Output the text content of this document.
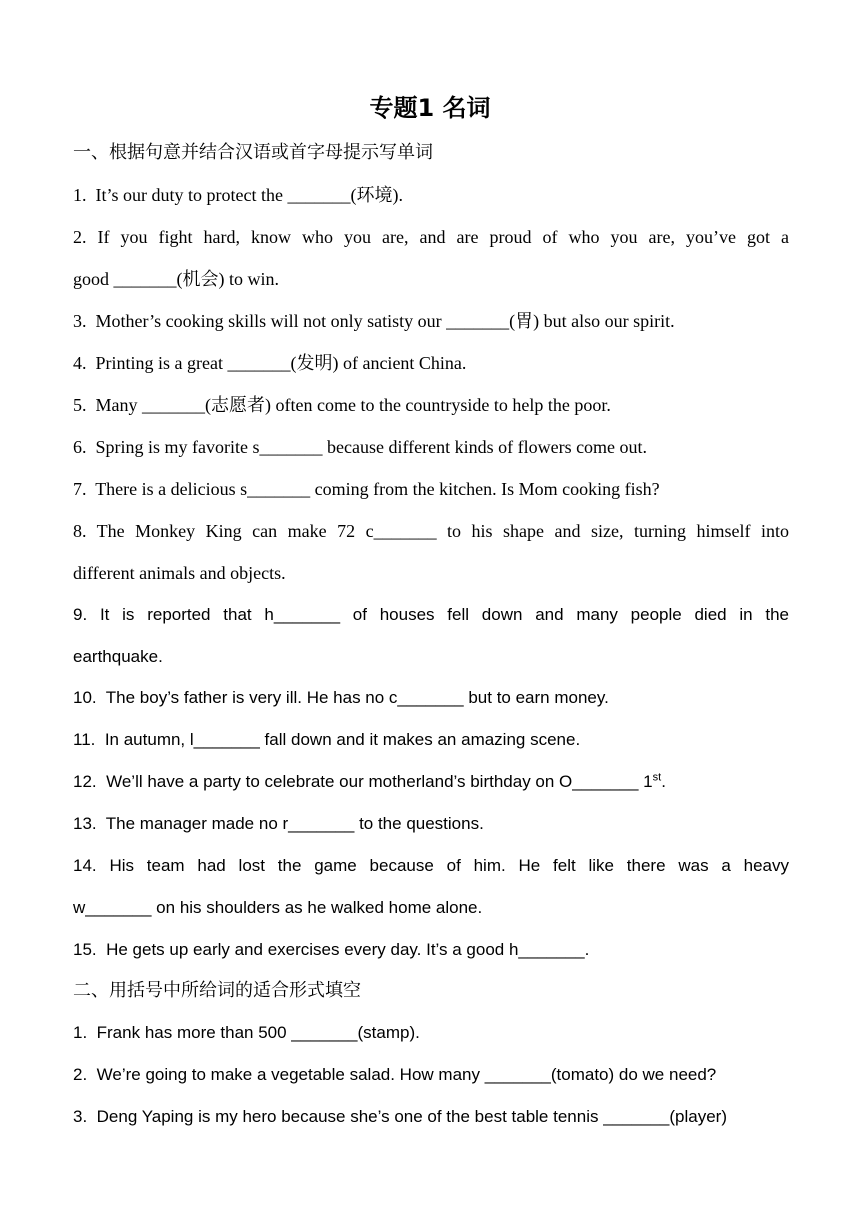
专题1 名词
一、根据句意并结合汉语或首字母提示写单词
1. It’s our duty to protect the _______(环境).
2. If you fight hard, know who you are, and are proud of who you are, you’ve got a
good _______(机会) to win.
3. Mother’s cooking skills will not only satisty our _______(胃) but also our spirit.
4. Printing is a great _______(发明) of ancient China.
5. Many _______(志愿者) often come to the countryside to help the poor.
6. Spring is my favorite s_______ because different kinds of flowers come out.
7. There is a delicious s_______ coming from the kitchen. Is Mom cooking fish?
8. The Monkey King can make 72 c_______ to his shape and size, turning himself into
different animals and objects.
9. It is reported that h_______ of houses fell down and many people died in the
earthquake.
10. The boy’s father is very ill. He has no c_______ but to earn money.
11. In autumn, l_______ fall down and it makes an amazing scene.
12. We’ll have a party to celebrate our motherland’s birthday on O_______ 1st.
13. The manager made no r_______ to the questions.
14. His team had lost the game because of him. He felt like there was a heavy
w_______ on his shoulders as he walked home alone.
15. He gets up early and exercises every day. It’s a good h_______.
二、用括号中所给词的适合形式填空
1. Frank has more than 500 _______(stamp).
2. We’re going to make a vegetable salad. How many _______(tomato) do we need?
3. Deng Yaping is my hero because she’s one of the best table tennis _______(player)
